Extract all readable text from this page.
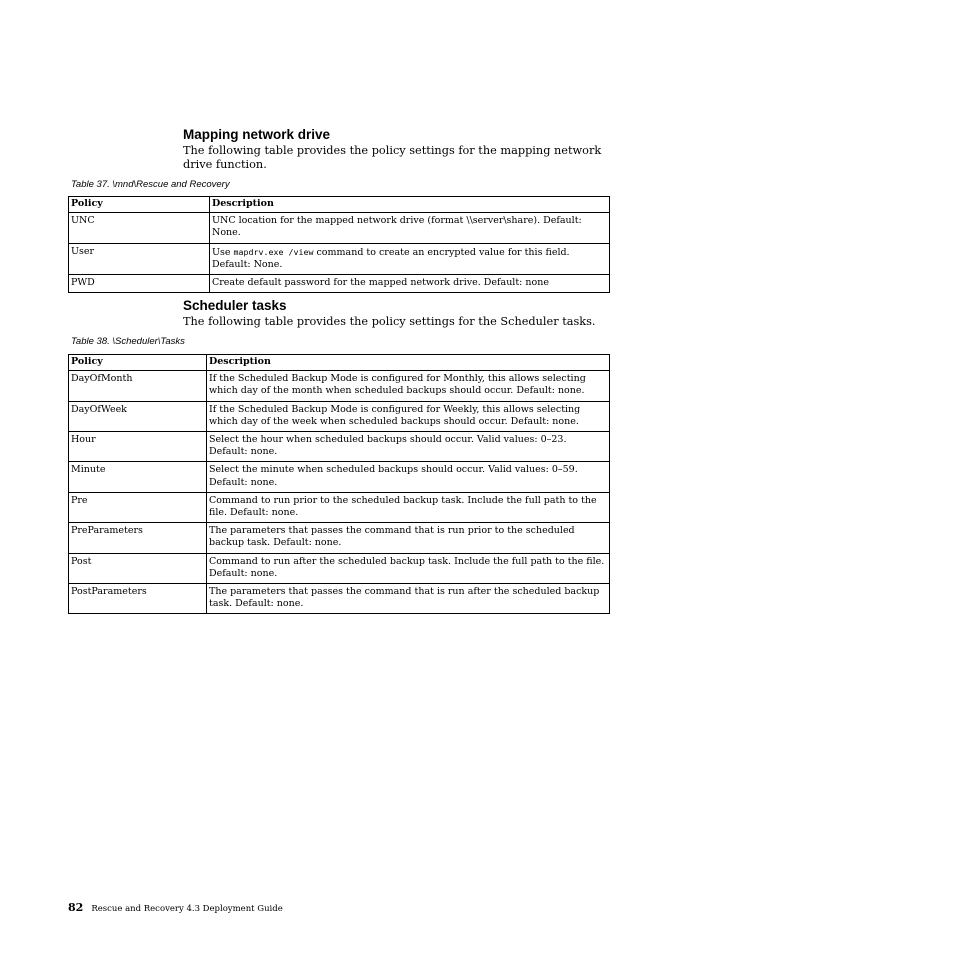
Mapping network drive

The following table provides the policy settings for the mapping network drive function.

Table 37. \mnd\Rescue and Recovery
Policy	Description
UNC	UNC location for the mapped network drive (format \\server\share). Default: None.
User	Use mapdrv.exe /view command to create an encrypted value for this field. Default: None.
PWD	Create default password for the mapped network drive. Default: none
Scheduler tasks

The following table provides the policy settings for the Scheduler tasks.

Table 38. \Scheduler\Tasks
Policy	Description
DayOfMonth	If the Scheduled Backup Mode is configured for Monthly, this allows selecting which day of the month when scheduled backups should occur. Default: none.
DayOfWeek	If the Scheduled Backup Mode is configured for Weekly, this allows selecting which day of the week when scheduled backups should occur. Default: none.
Hour	Select the hour when scheduled backups should occur. Valid values: 0–23. Default: none.
Minute	Select the minute when scheduled backups should occur. Valid values: 0–59. Default: none.
Pre	Command to run prior to the scheduled backup task. Include the full path to the file. Default: none.
PreParameters	The parameters that passes the command that is run prior to the scheduled backup task. Default: none.
Post	Command to run after the scheduled backup task. Include the full path to the file. Default: none.
PostParameters	The parameters that passes the command that is run after the scheduled backup task. Default: none.
82 Rescue and Recovery 4.3 Deployment Guide
